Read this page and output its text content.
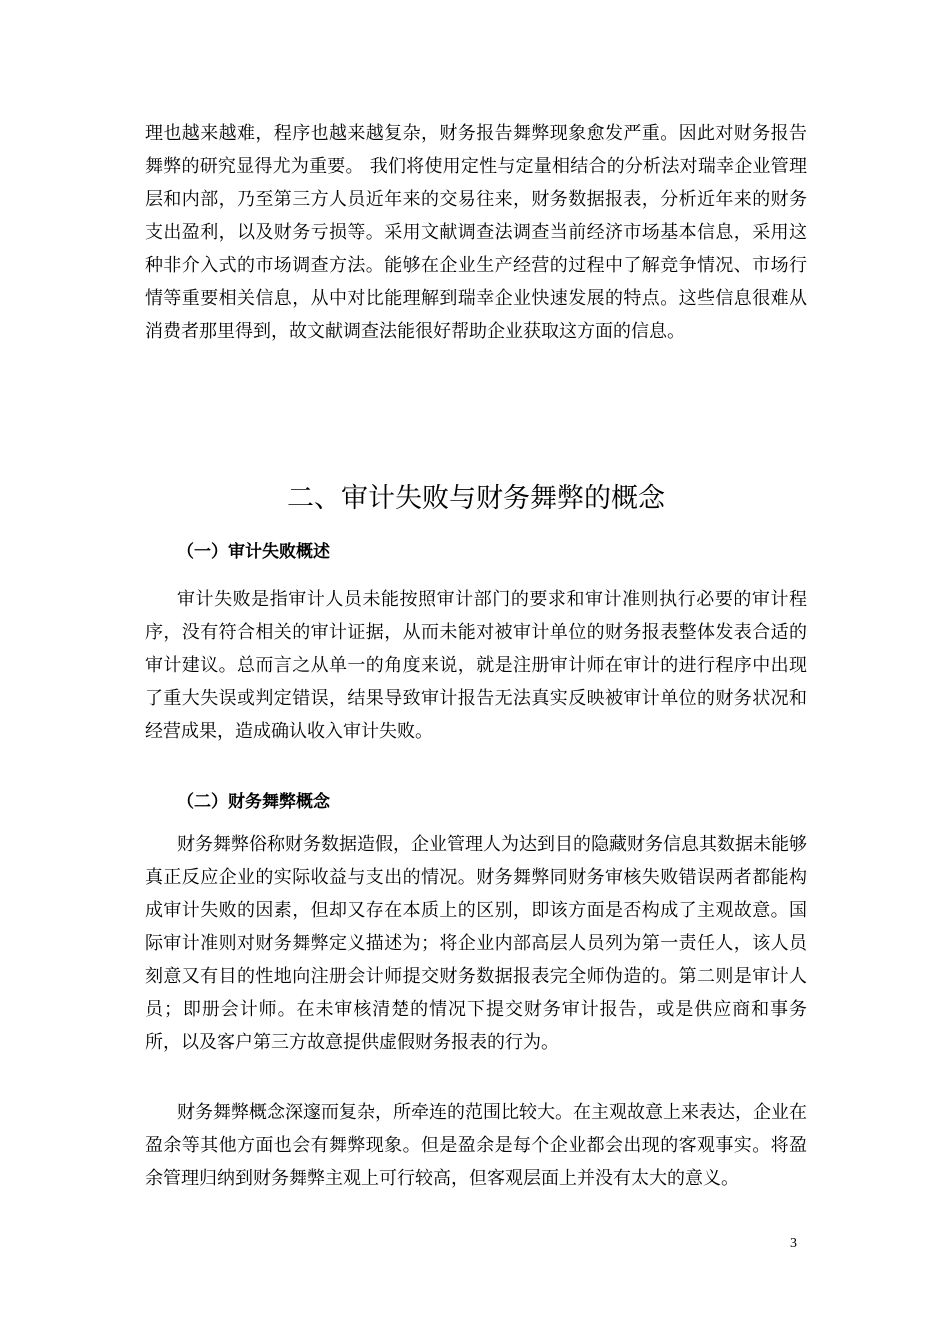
理也越来越难，程序也越来越复杂，财务报告舞弊现象愈发严重。因此对财务报告舞弊的研究显得尤为重要。 我们将使用定性与定量相结合的分析法对瑞幸企业管理层和内部，乃至第三方人员近年来的交易往来，财务数据报表，分析近年来的财务支出盈利，以及财务亏损等。采用文献调查法调查当前经济市场基本信息，采用这种非介入式的市场调查方法。能够在企业生产经营的过程中了解竞争情况、市场行情等重要相关信息，从中对比能理解到瑞幸企业快速发展的特点。这些信息很难从消费者那里得到，故文献调查法能很好帮助企业获取这方面的信息。

二、审计失败与财务舞弊的概念
（一）审计失败概述

审计失败是指审计人员未能按照审计部门的要求和审计准则执行必要的审计程序，没有符合相关的审计证据，从而未能对被审计单位的财务报表整体发表合适的审计建议。总而言之从单一的角度来说，就是注册审计师在审计的进行程序中出现了重大失误或判定错误，结果导致审计报告无法真实反映被审计单位的财务状况和经营成果，造成确认收入审计失败。

（二）财务舞弊概念

财务舞弊俗称财务数据造假，企业管理人为达到目的隐藏财务信息其数据未能够真正反应企业的实际收益与支出的情况。财务舞弊同财务审核失败错误两者都能构成审计失败的因素，但却又存在本质上的区别，即该方面是否构成了主观故意。国际审计准则对财务舞弊定义描述为；将企业内部高层人员列为第一责任人，该人员刻意又有目的性地向注册会计师提交财务数据报表完全师伪造的。第二则是审计人员；即册会计师。在未审核清楚的情况下提交财务审计报告，或是供应商和事务所，以及客户第三方故意提供虚假财务报表的行为。

财务舞弊概念深邃而复杂，所牵连的范围比较大。在主观故意上来表达，企业在盈余等其他方面也会有舞弊现象。但是盈余是每个企业都会出现的客观事实。将盈余管理归纳到财务舞弊主观上可行较高，但客观层面上并没有太大的意义。

3
